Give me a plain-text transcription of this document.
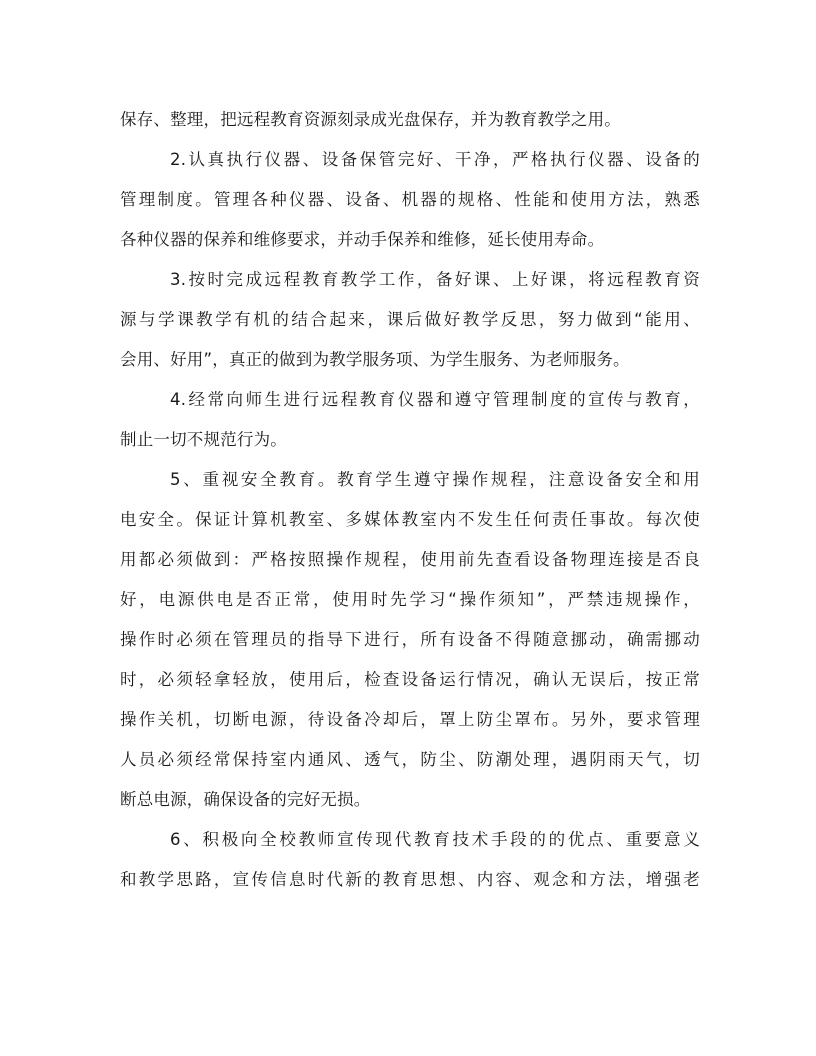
保存、整理，把远程教育资源刻录成光盘保存，并为教育教学之用。
2.认真执行仪器、设备保管完好、干净，严格执行仪器、设备的
管理制度。管理各种仪器、设备、机器的规格、性能和使用方法，熟悉
各种仪器的保养和维修要求，并动手保养和维修，延长使用寿命。
3.按时完成远程教育教学工作，备好课、上好课，将远程教育资
源与学课教学有机的结合起来，课后做好教学反思，努力做到“能用、
会用、好用”，真正的做到为教学服务项、为学生服务、为老师服务。
4.经常向师生进行远程教育仪器和遵守管理制度的宣传与教育，
制止一切不规范行为。
5、重视安全教育。教育学生遵守操作规程，注意设备安全和用
电安全。保证计算机教室、多媒体教室内不发生任何责任事故。每次使
用都必须做到：严格按照操作规程，使用前先查看设备物理连接是否良
好，电源供电是否正常，使用时先学习“操作须知”，严禁违规操作，
操作时必须在管理员的指导下进行，所有设备不得随意挪动，确需挪动
时，必须轻拿轻放，使用后，检查设备运行情况，确认无误后，按正常
操作关机，切断电源，待设备冷却后，罩上防尘罩布。另外，要求管理
人员必须经常保持室内通风、透气，防尘、防潮处理，遇阴雨天气，切
断总电源，确保设备的完好无损。
6、积极向全校教师宣传现代教育技术手段的的优点、重要意义
和教学思路，宣传信息时代新的教育思想、内容、观念和方法，增强老
